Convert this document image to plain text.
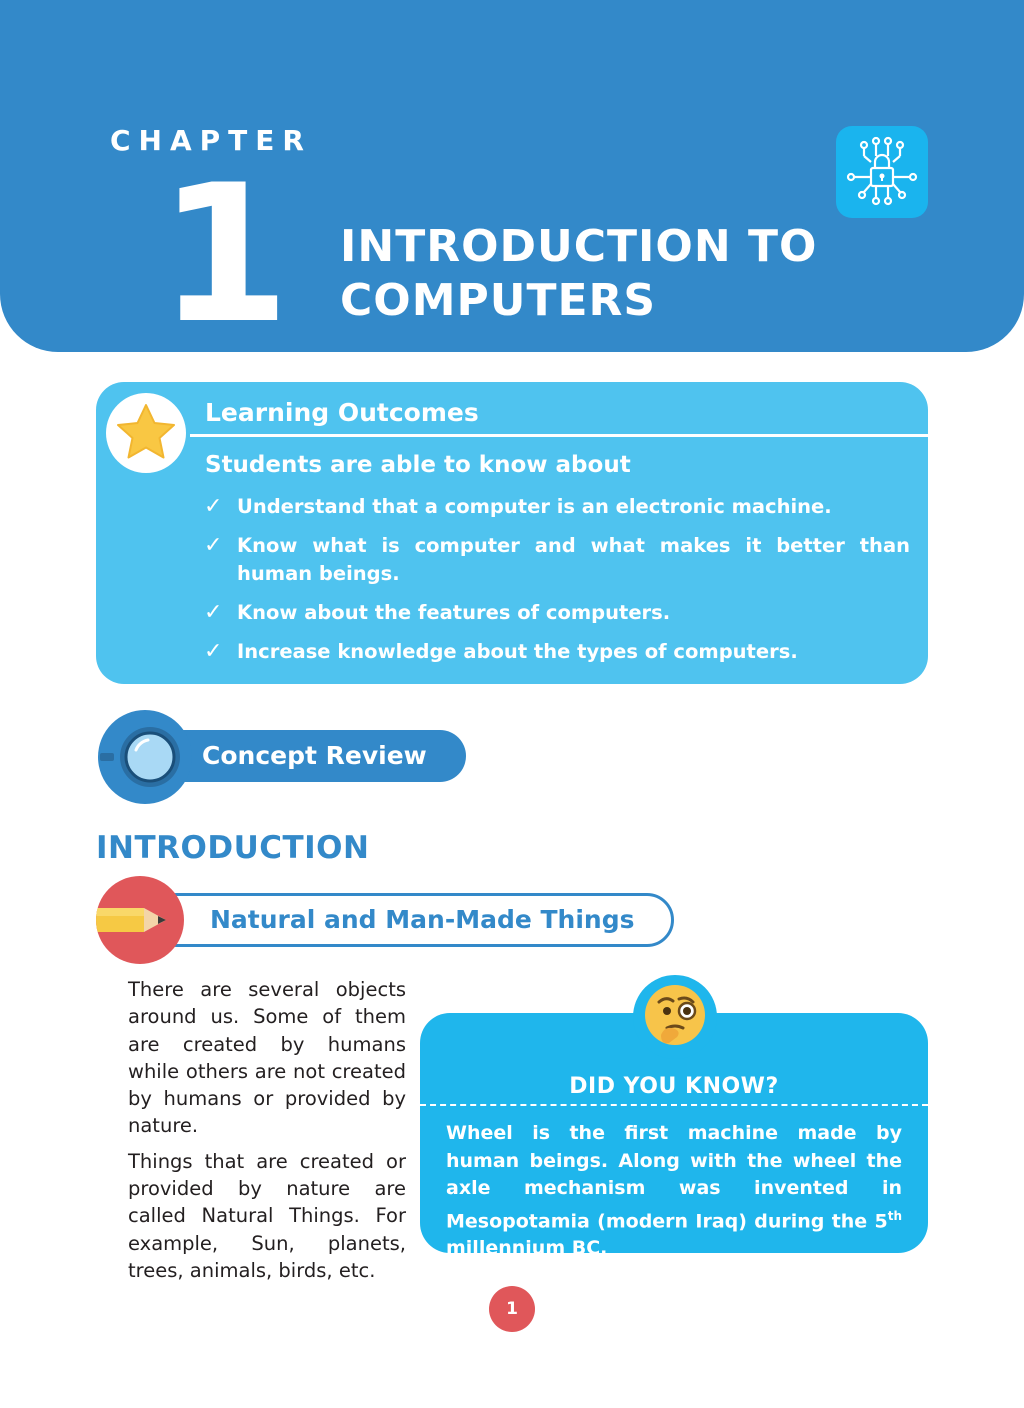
CHAPTER
1 INTRODUCTION TO
COMPUTERS
Learning Outcomes
Students are able to know about
✓ Understand that a computer is an electronic machine.
✓ Know what is computer and what makes it better than human beings.
✓ Know about the features of computers.
✓ Increase knowledge about the types of computers.
Concept Review
INTRODUCTION
Natural and Man-Made Things

There are several objects around us. Some of them are created by humans while others are not created by humans or provided by nature.

Things that are created or provided by nature are called Natural Things. For example, Sun, planets, trees, animals, birds, etc.

DID YOU KNOW?
Wheel is the first machine made by human beings. Along with the wheel the axle mechanism was invented in Mesopotamia (modern Iraq) during the 5th millennium BC.
1
